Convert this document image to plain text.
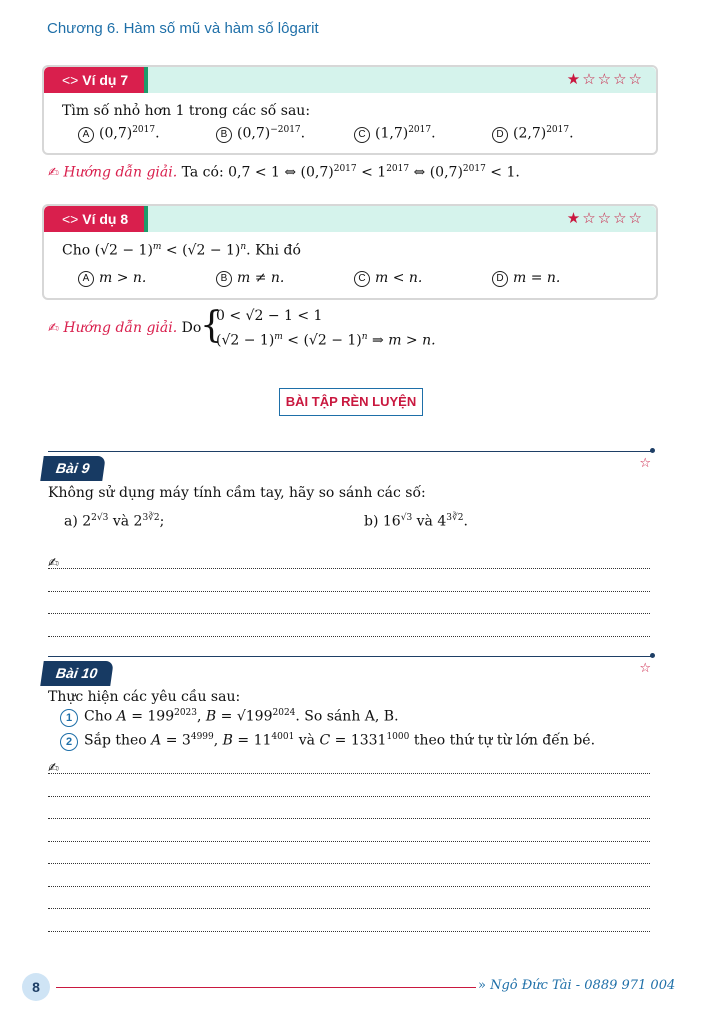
Chương 6. Hàm số mũ và hàm số lôgarit
<> Ví dụ 7	★☆☆☆☆
Tìm số nhỏ hơn 1 trong các số sau:
A $(0,7)^{2017}$.	B $(0,7)^{-2017}$.	C $(1,7)^{2017}$.	D $(2,7)^{2017}$.
✍ Hướng dẫn giải. Ta có: 0,7 < 1 ⇔ $(0,7)^{2017} < 1^{2017}$ ⇔ $(0,7)^{2017} < 1$.
<> Ví dụ 8	★☆☆☆☆
Cho $(√2 - 1)^m < (√2 - 1)^n$. Khi đó
A m > n.	B m ≠ n.	C m < n.	D m = n.
✍ Hướng dẫn giải. Do
{
0 < √2 − 1 < 1
$(√2 - 1)^m < (√2 - 1)^n$ ⇒ m > n.
BÀI TẬP RÈN LUYỆN
Bài 9	☆
Không sử dụng máy tính cầm tay, hãy so sánh các số:
a) $2^{2√3}$ và $2^{3∛2}$;	b) $16^{√3}$ và $4^{3∛2}$.
✍
Bài 10	☆
Thực hiện các yêu cầu sau:
1 Cho $A = 199^{2023}$, $B = √199^{2024}$. So sánh A, B.
2 Sắp theo $A = 3^{4999}$, $B = 11^{4001}$ và $C = 1331^{1000}$ theo thứ tự từ lớn đến bé.
✍
8	» Ngô Đức Tài - 0889 971 004
